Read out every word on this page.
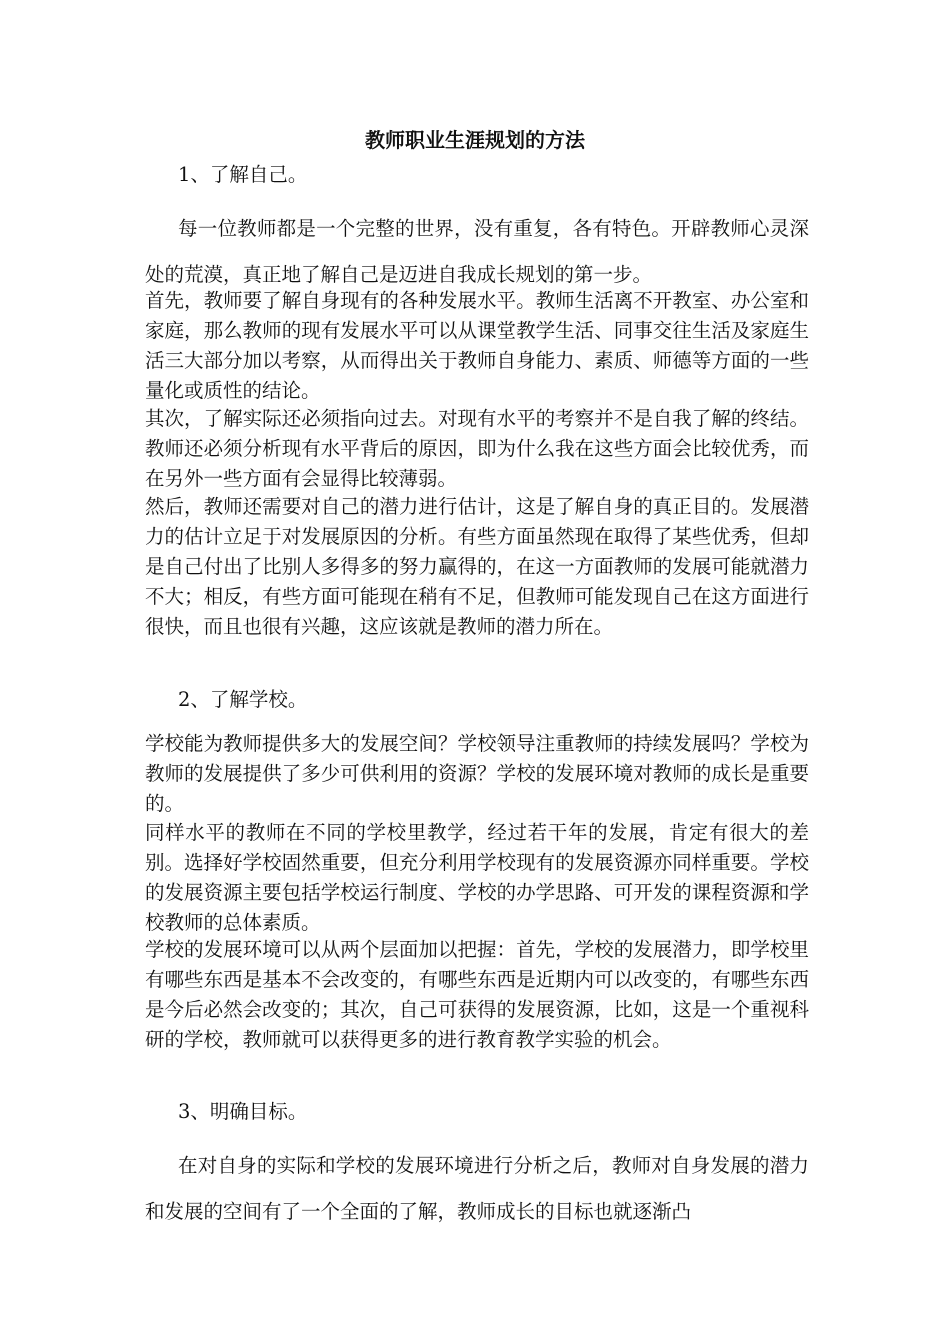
教师职业生涯规划的方法

1、了解自己。

每一位教师都是一个完整的世界，没有重复，各有特色。开辟教师心灵深处的荒漠，真正地了解自己是迈进自我成长规划的第一步。

首先，教师要了解自身现有的各种发展水平。教师生活离不开教室、办公室和家庭，那么教师的现有发展水平可以从课堂教学生活、同事交往生活及家庭生活三大部分加以考察，从而得出关于教师自身能力、素质、师德等方面的一些量化或质性的结论。

其次，了解实际还必须指向过去。对现有水平的考察并不是自我了解的终结。教师还必须分析现有水平背后的原因，即为什么我在这些方面会比较优秀，而在另外一些方面有会显得比较薄弱。

然后，教师还需要对自己的潜力进行估计，这是了解自身的真正目的。发展潜力的估计立足于对发展原因的分析。有些方面虽然现在取得了某些优秀，但却是自己付出了比别人多得多的努力赢得的，在这一方面教师的发展可能就潜力不大；相反，有些方面可能现在稍有不足，但教师可能发现自己在这方面进行很快，而且也很有兴趣，这应该就是教师的潜力所在。

2、了解学校。

学校能为教师提供多大的发展空间？学校领导注重教师的持续发展吗？学校为教师的发展提供了多少可供利用的资源？学校的发展环境对教师的成长是重要的。

同样水平的教师在不同的学校里教学，经过若干年的发展，肯定有很大的差别。选择好学校固然重要，但充分利用学校现有的发展资源亦同样重要。学校的发展资源主要包括学校运行制度、学校的办学思路、可开发的课程资源和学校教师的总体素质。

学校的发展环境可以从两个层面加以把握：首先，学校的发展潜力，即学校里有哪些东西是基本不会改变的，有哪些东西是近期内可以改变的，有哪些东西是今后必然会改变的；其次，自己可获得的发展资源，比如，这是一个重视科研的学校，教师就可以获得更多的进行教育教学实验的机会。

3、明确目标。

在对自身的实际和学校的发展环境进行分析之后，教师对自身发展的潜力和发展的空间有了一个全面的了解，教师成长的目标也就逐渐凸
